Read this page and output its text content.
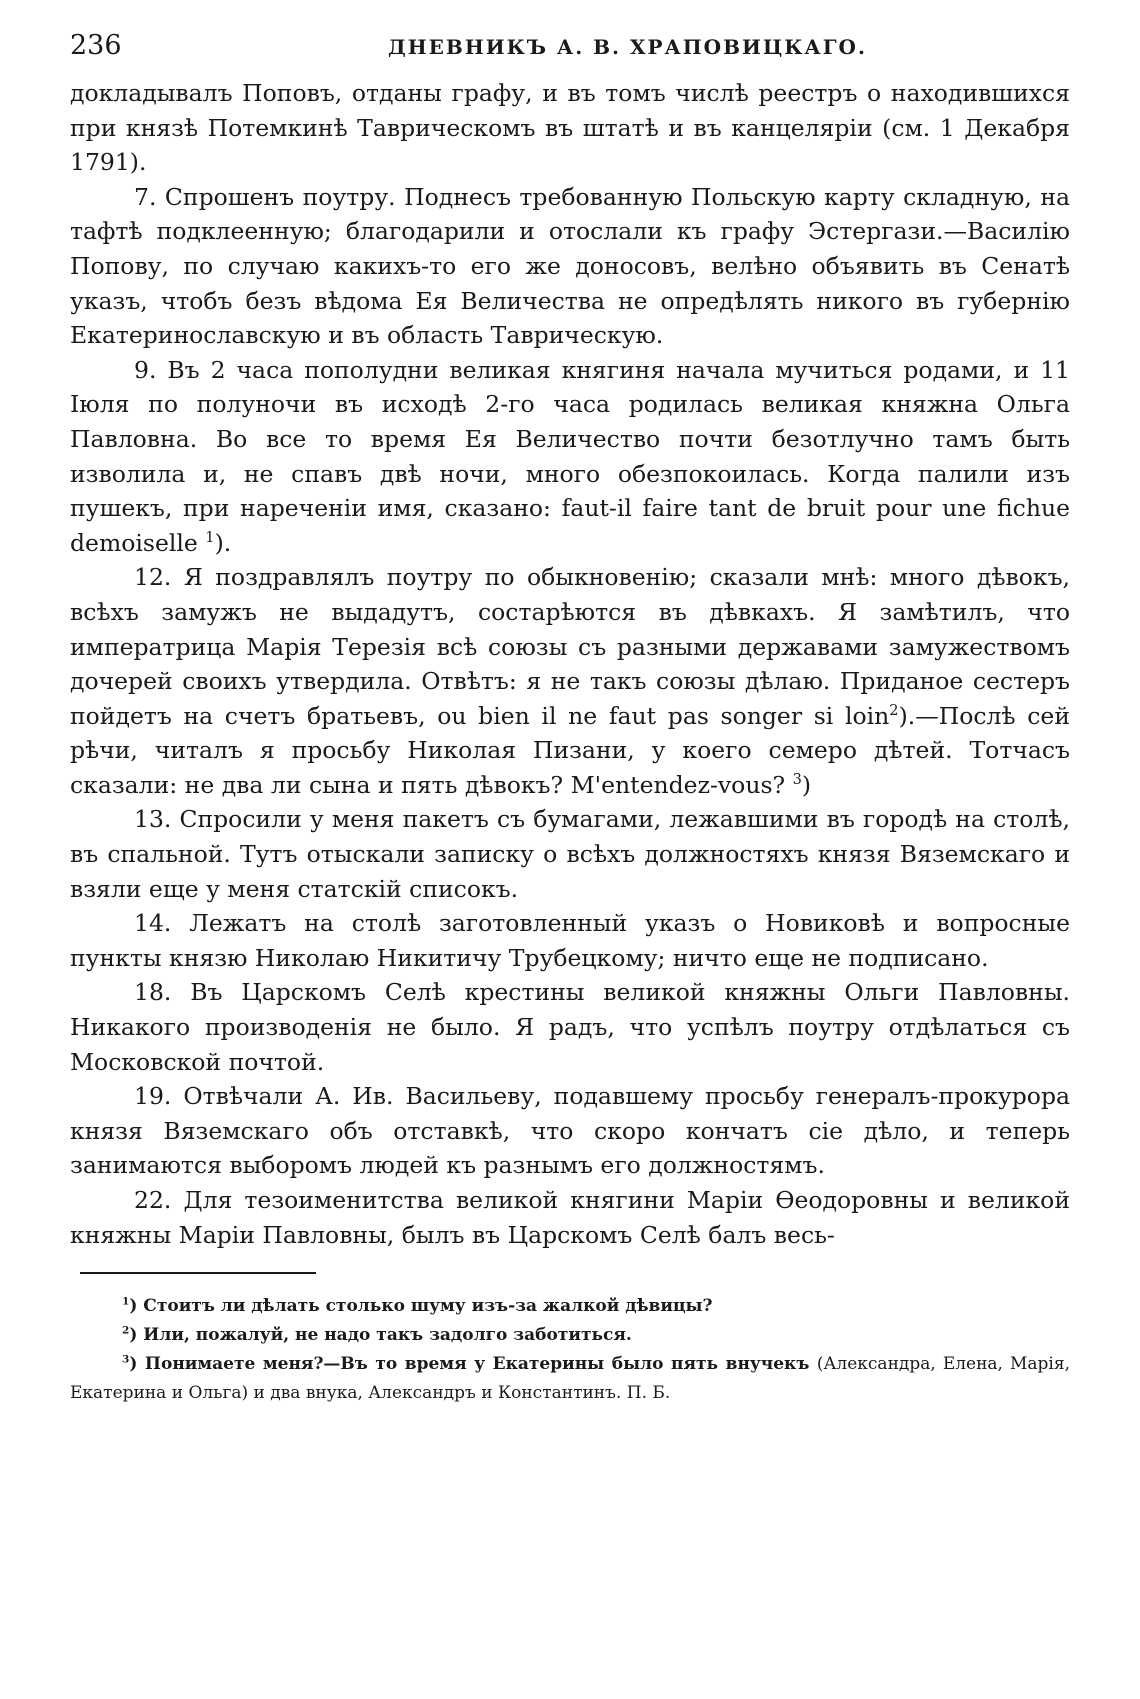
236	ДНЕВНИКЪ А. В. ХРАПОВИЦКАГО.

докладывалъ Поповъ, отданы графу, и въ томъ числѣ реестръ о находившихся при князѣ Потемкинѣ Таврическомъ въ штатѣ и въ канцеляріи (см. 1 Декабря 1791).

7. Спрошенъ поутру. Поднесъ требованную Польскую карту складную, на тафтѣ подклеенную; благодарили и отослали къ графу Эстергази.—Василію Попову, по случаю какихъ-то его же доносовъ, велѣно объявить въ Сенатѣ указъ, чтобъ безъ вѣдома Ея Величества не опредѣлять никого въ губернію Екатеринославскую и въ область Таврическую.

9. Въ 2 часа пополудни великая княгиня начала мучиться родами, и 11 Іюля по полуночи въ исходѣ 2-го часа родилась великая княжна Ольга Павловна. Во все то время Ея Величество почти безотлучно тамъ быть изволила и, не спавъ двѣ ночи, много обезпокоилась. Когда палили изъ пушекъ, при нареченіи имя, сказано: faut-il faire tant de bruit pour une fichue demoiselle $^1$).

12. Я поздравлялъ поутру по обыкновенію; сказали мнѣ: много дѣвокъ, всѣхъ замужъ не выдадутъ, состарѣются въ дѣвкахъ. Я замѣтилъ, что императрица Марія Терезія всѣ союзы съ разными державами замужествомъ дочерей своихъ утвердила. Отвѣтъ: я не такъ союзы дѣлаю. Приданое сестеръ пойдетъ на счетъ братьевъ, ou bien il ne faut pas songer si loin$^2$).—Послѣ сей рѣчи, читалъ я просьбу Николая Пизани, у коего семеро дѣтей. Тотчасъ сказали: не два ли сына и пять дѣвокъ? M'entendez-vous? $^3$)

13. Спросили у меня пакетъ съ бумагами, лежавшими въ городѣ на столѣ, въ спальной. Тутъ отыскали записку о всѣхъ должностяхъ князя Вяземскаго и взяли еще у меня статскій списокъ.

14. Лежатъ на столѣ заготовленный указъ о Новиковѣ и вопросные пункты князю Николаю Никитичу Трубецкому; ничто еще не подписано.

18. Въ Царскомъ Селѣ крестины великой княжны Ольги Павловны. Никакого производенія не было. Я радъ, что успѣлъ поутру отдѣлаться съ Московской почтой.

19. Отвѣчали А. Ив. Васильеву, подавшему просьбу генералъ-прокурора князя Вяземскаго объ отставкѣ, что скоро кончатъ сіе дѣло, и теперь занимаются выборомъ людей къ разнымъ его должностямъ.

22. Для тезоименитства великой княгини Маріи Ѳеодоровны и великой княжны Маріи Павловны, былъ въ Царскомъ Селѣ балъ весь-

$^1$) Стоитъ ли дѣлать столько шуму изъ-за жалкой дѣвицы?

$^2$) Или, пожалуй, не надо такъ задолго заботиться.

$^3$) Понимаете меня?—Въ то время у Екатерины было пять внучекъ (Александра, Елена, Марія, Екатерина и Ольга) и два внука, Александръ и Константинъ. П. Б.
